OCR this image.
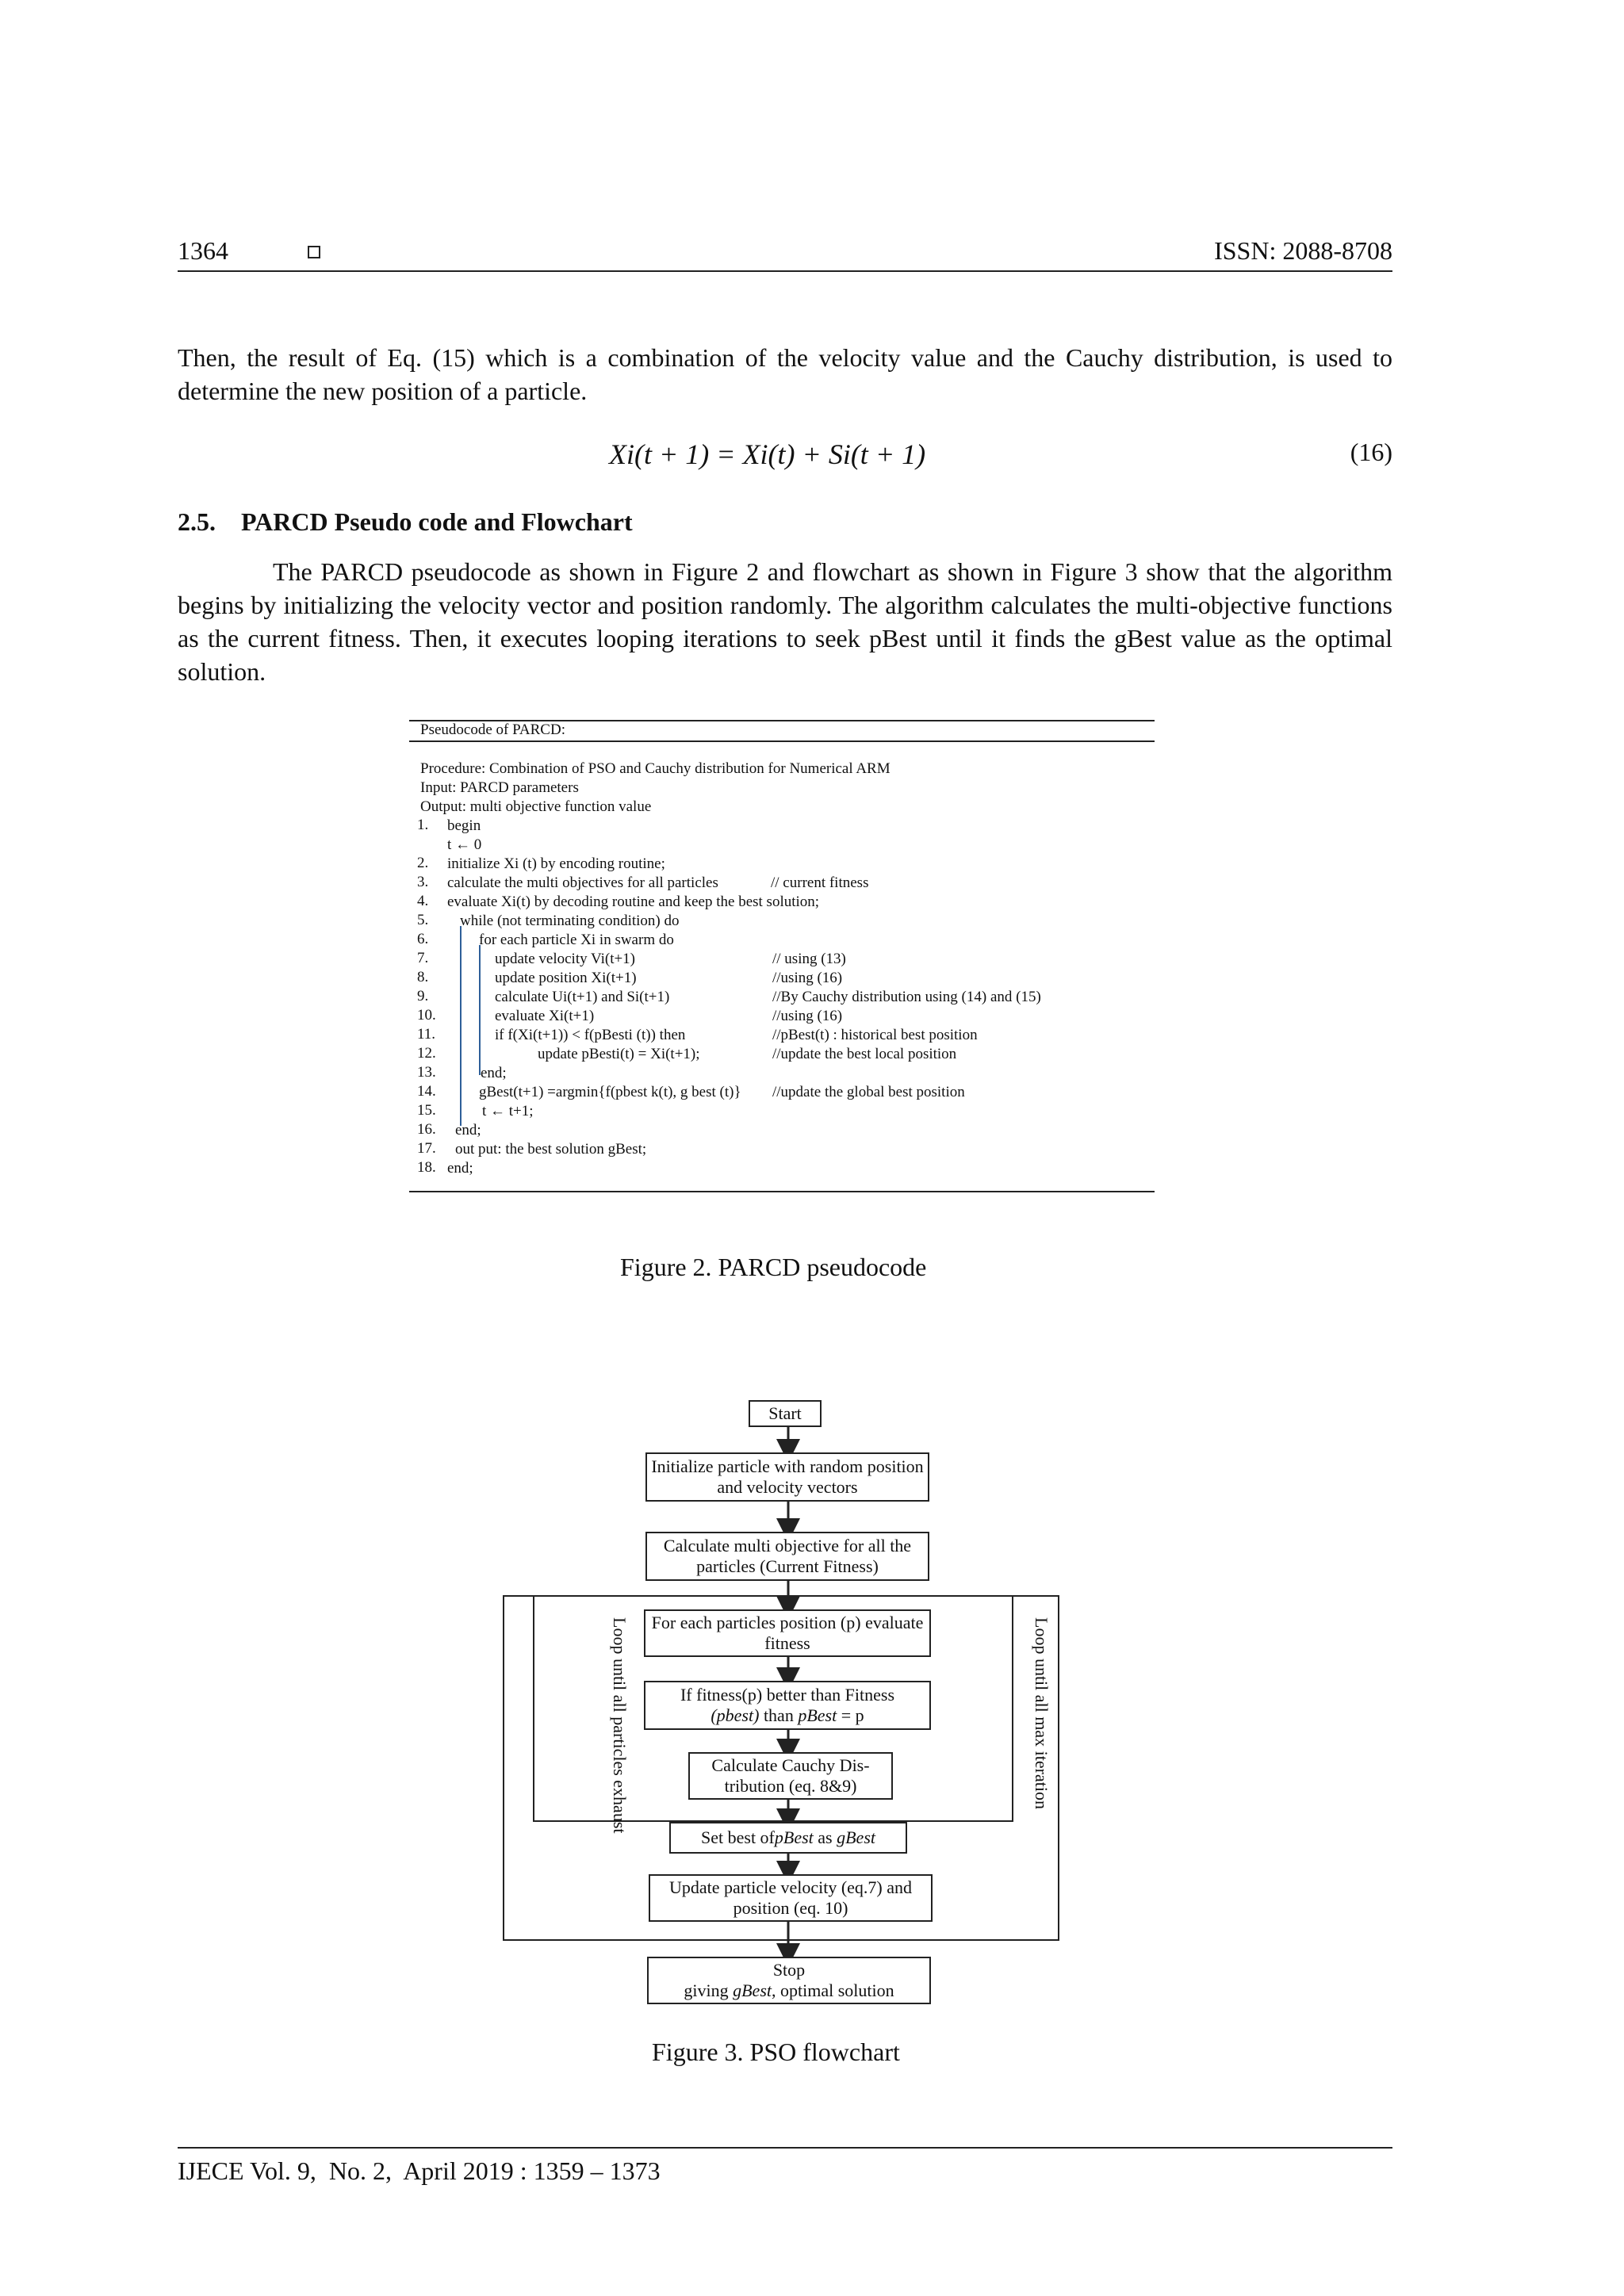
1364	ISSN: 2088-8708
Then, the result of Eq. (15) which is a combination of the velocity value and the Cauchy distribution, is used to determine the new position of a particle.
Xi(t + 1) = Xi(t) + Si(t + 1)	(16)
2.5. PARCD Pseudo code and Flowchart
The PARCD pseudocode as shown in Figure 2 and flowchart as shown in Figure 3 show that the algorithm begins by initializing the velocity vector and position randomly. The algorithm calculates the multi-objective functions as the current fitness. Then, it executes looping iterations to seek pBest until it finds the gBest value as the optimal solution.
Pseudocode of PARCD:
Procedure: Combination of PSO and Cauchy distribution for Numerical ARM
Input: PARCD parameters
Output: multi objective function value
1. begin
t ← 0
2. initialize Xi (t) by encoding routine;
3. calculate the multi objectives for all particles	// current fitness
4. evaluate Xi(t) by decoding routine and keep the best solution;
5. while (not terminating condition) do
6.	for each particle Xi in swarm do
7.	update velocity Vi(t+1)	// using (13)
8.	update position Xi(t+1)	//using (16)
9.	calculate Ui(t+1) and Si(t+1)	//By Cauchy distribution using (14) and (15)
10.	evaluate Xi(t+1)	//using (16)
11.	if f(Xi(t+1)) < f(pBesti (t)) then	//pBest(t) : historical best position
12.	update pBesti(t) = Xi(t+1);	//update the best local position
13.	end;
14.	gBest(t+1) =argmin{f(pbest k(t), g best (t)} //update the global best position
15.	t ← t+1;
16. end;
17. out put: the best solution gBest;
18. end;
Figure 2. PARCD pseudocode
Start
Initialize particle with random position and velocity vectors
Calculate multi objective for all the particles (Current Fitness)
For each particles position (p) evaluate fitness
If fitness(p) better than Fitness
(pbest) than pBest = p
Calculate Cauchy Dis-tribution (eq. 8&9)
Set best of pBest
as
gBest
Update particle velocity (eq.7) and position (eq. 10)
Stop
giving gBest, optimal solution
Loop until all particles exhaust	Loop until all max iteration
Figure 3. PSO flowchart
IJECE Vol. 9,  No. 2,  April 2019 : 1359 – 1373
